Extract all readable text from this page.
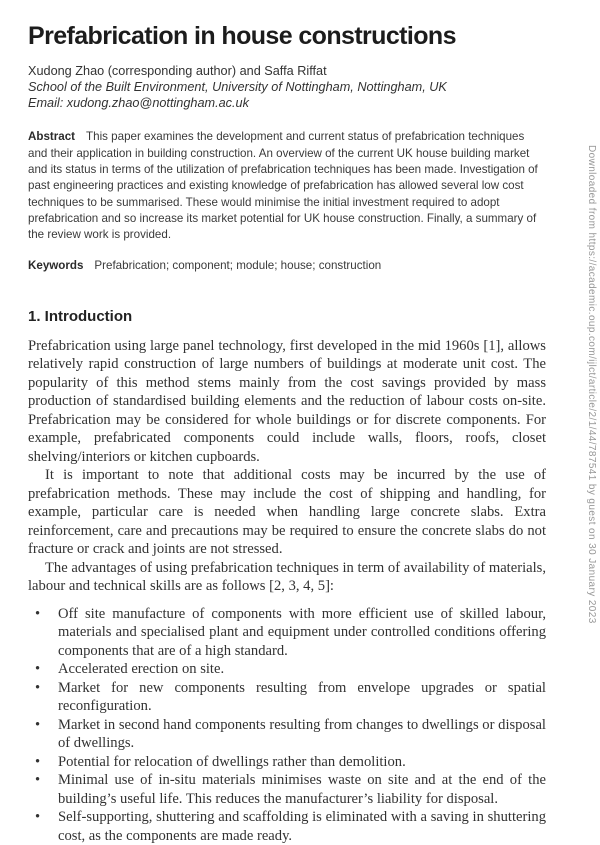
Prefabrication in house constructions
Xudong Zhao (corresponding author) and Saffa Riffat
School of the Built Environment, University of Nottingham, Nottingham, UK
Email: xudong.zhao@nottingham.ac.uk

Abstract This paper examines the development and current status of prefabrication techniques and their application in building construction. An overview of the current UK house building market and its status in terms of the utilization of prefabrication techniques has been made. Investigation of past engineering practices and existing knowledge of prefabrication has allowed several low cost techniques to be summarised. These would minimise the initial investment required to adopt prefabrication and so increase its market potential for UK house construction. Finally, a summary of the review work is provided.

Keywords Prefabrication; component; module; house; construction

1. Introduction

Prefabrication using large panel technology, first developed in the mid 1960s [1], allows relatively rapid construction of large numbers of buildings at moderate unit cost. The popularity of this method stems mainly from the cost savings provided by mass production of standardised building elements and the reduction of labour costs on-site. Prefabrication may be considered for whole buildings or for discrete components. For example, prefabricated components could include walls, floors, roofs, closet shelving/interiors or kitchen cupboards.

It is important to note that additional costs may be incurred by the use of prefabrication methods. These may include the cost of shipping and handling, for example, particular care is needed when handling large concrete slabs. Extra reinforcement, care and precautions may be required to ensure the concrete slabs do not fracture or crack and joints are not stressed.

The advantages of using prefabrication techniques in term of availability of materials, labour and technical skills are as follows [2, 3, 4, 5]:

•	Off site manufacture of components with more efficient use of skilled labour, materials and specialised plant and equipment under controlled conditions offering components that are of a high standard.
•	Accelerated erection on site.
•	Market for new components resulting from envelope upgrades or spatial reconfiguration.
•	Market in second hand components resulting from changes to dwellings or disposal of dwellings.
•	Potential for relocation of dwellings rather than demolition.
•	Minimal use of in-situ materials minimises waste on site and at the end of the building’s useful life. This reduces the manufacturer’s liability for disposal.
•	Self-supporting, shuttering and scaffolding is eliminated with a saving in shuttering cost, as the components are made ready.
Downloaded from https://academic.oup.com/ijlct/article/2/1/44/787541 by guest on 30 January 2023
